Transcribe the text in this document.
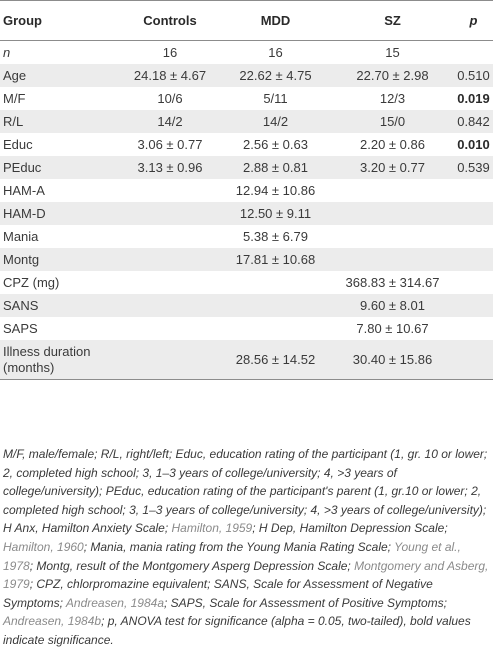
Group	Controls	MDD	SZ	p
n	16	16	15	
Age	24.18 ± 4.67	22.62 ± 4.75	22.70 ± 2.98	0.510
M/F	10/6	5/11	12/3	0.019
R/L	14/2	14/2	15/0	0.842
Educ	3.06 ± 0.77	2.56 ± 0.63	2.20 ± 0.86	0.010
PEduc	3.13 ± 0.96	2.88 ± 0.81	3.20 ± 0.77	0.539
HAM-A		12.94 ± 10.86		
HAM-D		12.50 ± 9.11		
Mania		5.38 ± 6.79		
Montg		17.81 ± 10.68		
CPZ (mg)			368.83 ± 314.67	
SANS			9.60 ± 8.01	
SAPS			7.80 ± 10.67	
Illness duration (months)		28.56 ± 14.52	30.40 ± 15.86	
M/F, male/female; R/L, right/left; Educ, education rating of the participant (1, gr. 10 or lower; 2, completed high school; 3, 1–3 years of college/university; 4, >3 years of college/university); PEduc, education rating of the participant's parent (1, gr.10 or lower; 2, completed high school; 3, 1–3 years of college/university; 4, >3 years of college/university); H Anx, Hamilton Anxiety Scale; Hamilton, 1959; H Dep, Hamilton Depression Scale; Hamilton, 1960; Mania, mania rating from the Young Mania Rating Scale; Young et al., 1978; Montg, result of the Montgomery Asperg Depression Scale; Montgomery and Asberg, 1979; CPZ, chlorpromazine equivalent; SANS, Scale for Assessment of Negative Symptoms; Andreasen, 1984a; SAPS, Scale for Assessment of Positive Symptoms; Andreasen, 1984b; p, ANOVA test for significance (alpha = 0.05, two-tailed), bold values indicate significance.
